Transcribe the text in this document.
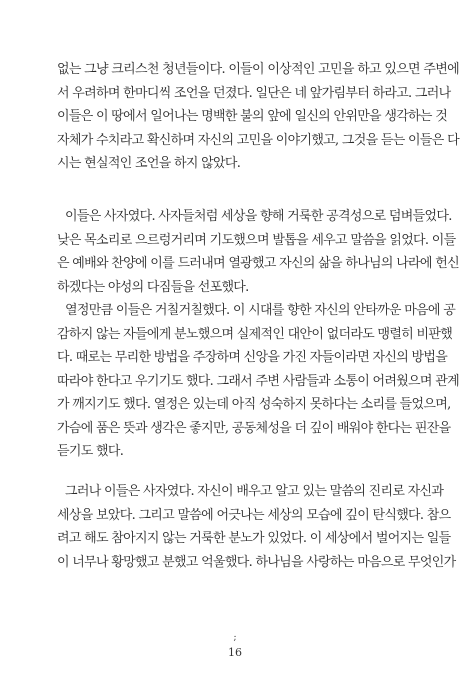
없는 그냥 크리스천 청년들이다. 이들이 이상적인 고민을 하고 있으면 주변에
서 우려하며 한마디씩 조언을 던졌다. 일단은 네 앞가림부터 하라고. 그러나
이들은 이 땅에서 일어나는 명백한 불의 앞에 일신의 안위만을 생각하는 것
자체가 수치라고 확신하며 자신의 고민을 이야기했고, 그것을 듣는 이들은 다
시는 현실적인 조언을 하지 않았다.
이들은 사자였다. 사자들처럼 세상을 향해 거룩한 공격성으로 덤벼들었다.
낮은 목소리로 으르렁거리며 기도했으며 발톱을 세우고 말씀을 읽었다. 이들
은 예배와 찬양에 이를 드러내며 열광했고 자신의 삶을 하나님의 나라에 헌신
하겠다는 야성의 다짐들을 선포했다.
열정만큼 이들은 거칠거칠했다. 이 시대를 향한 자신의 안타까운 마음에 공
감하지 않는 자들에게 분노했으며 실제적인 대안이 없더라도 맹렬히 비판했
다. 때로는 무리한 방법을 주장하며 신앙을 가진 자들이라면 자신의 방법을
따라야 한다고 우기기도 했다. 그래서 주변 사람들과 소통이 어려웠으며 관계
가 깨지기도 했다. 열정은 있는데 아직 성숙하지 못하다는 소리를 들었으며,
가슴에 품은 뜻과 생각은 좋지만, 공동체성을 더 깊이 배워야 한다는 핀잔을
듣기도 했다.
그러나 이들은 사자였다. 자신이 배우고 알고 있는 말씀의 진리로 자신과
세상을 보았다. 그리고 말씀에 어긋나는 세상의 모습에 깊이 탄식했다. 참으
려고 해도 참아지지 않는 거룩한 분노가 있었다. 이 세상에서 벌어지는 일들
이 너무나 황망했고 분했고 억울했다. 하나님을 사랑하는 마음으로 무엇인가
;
16
